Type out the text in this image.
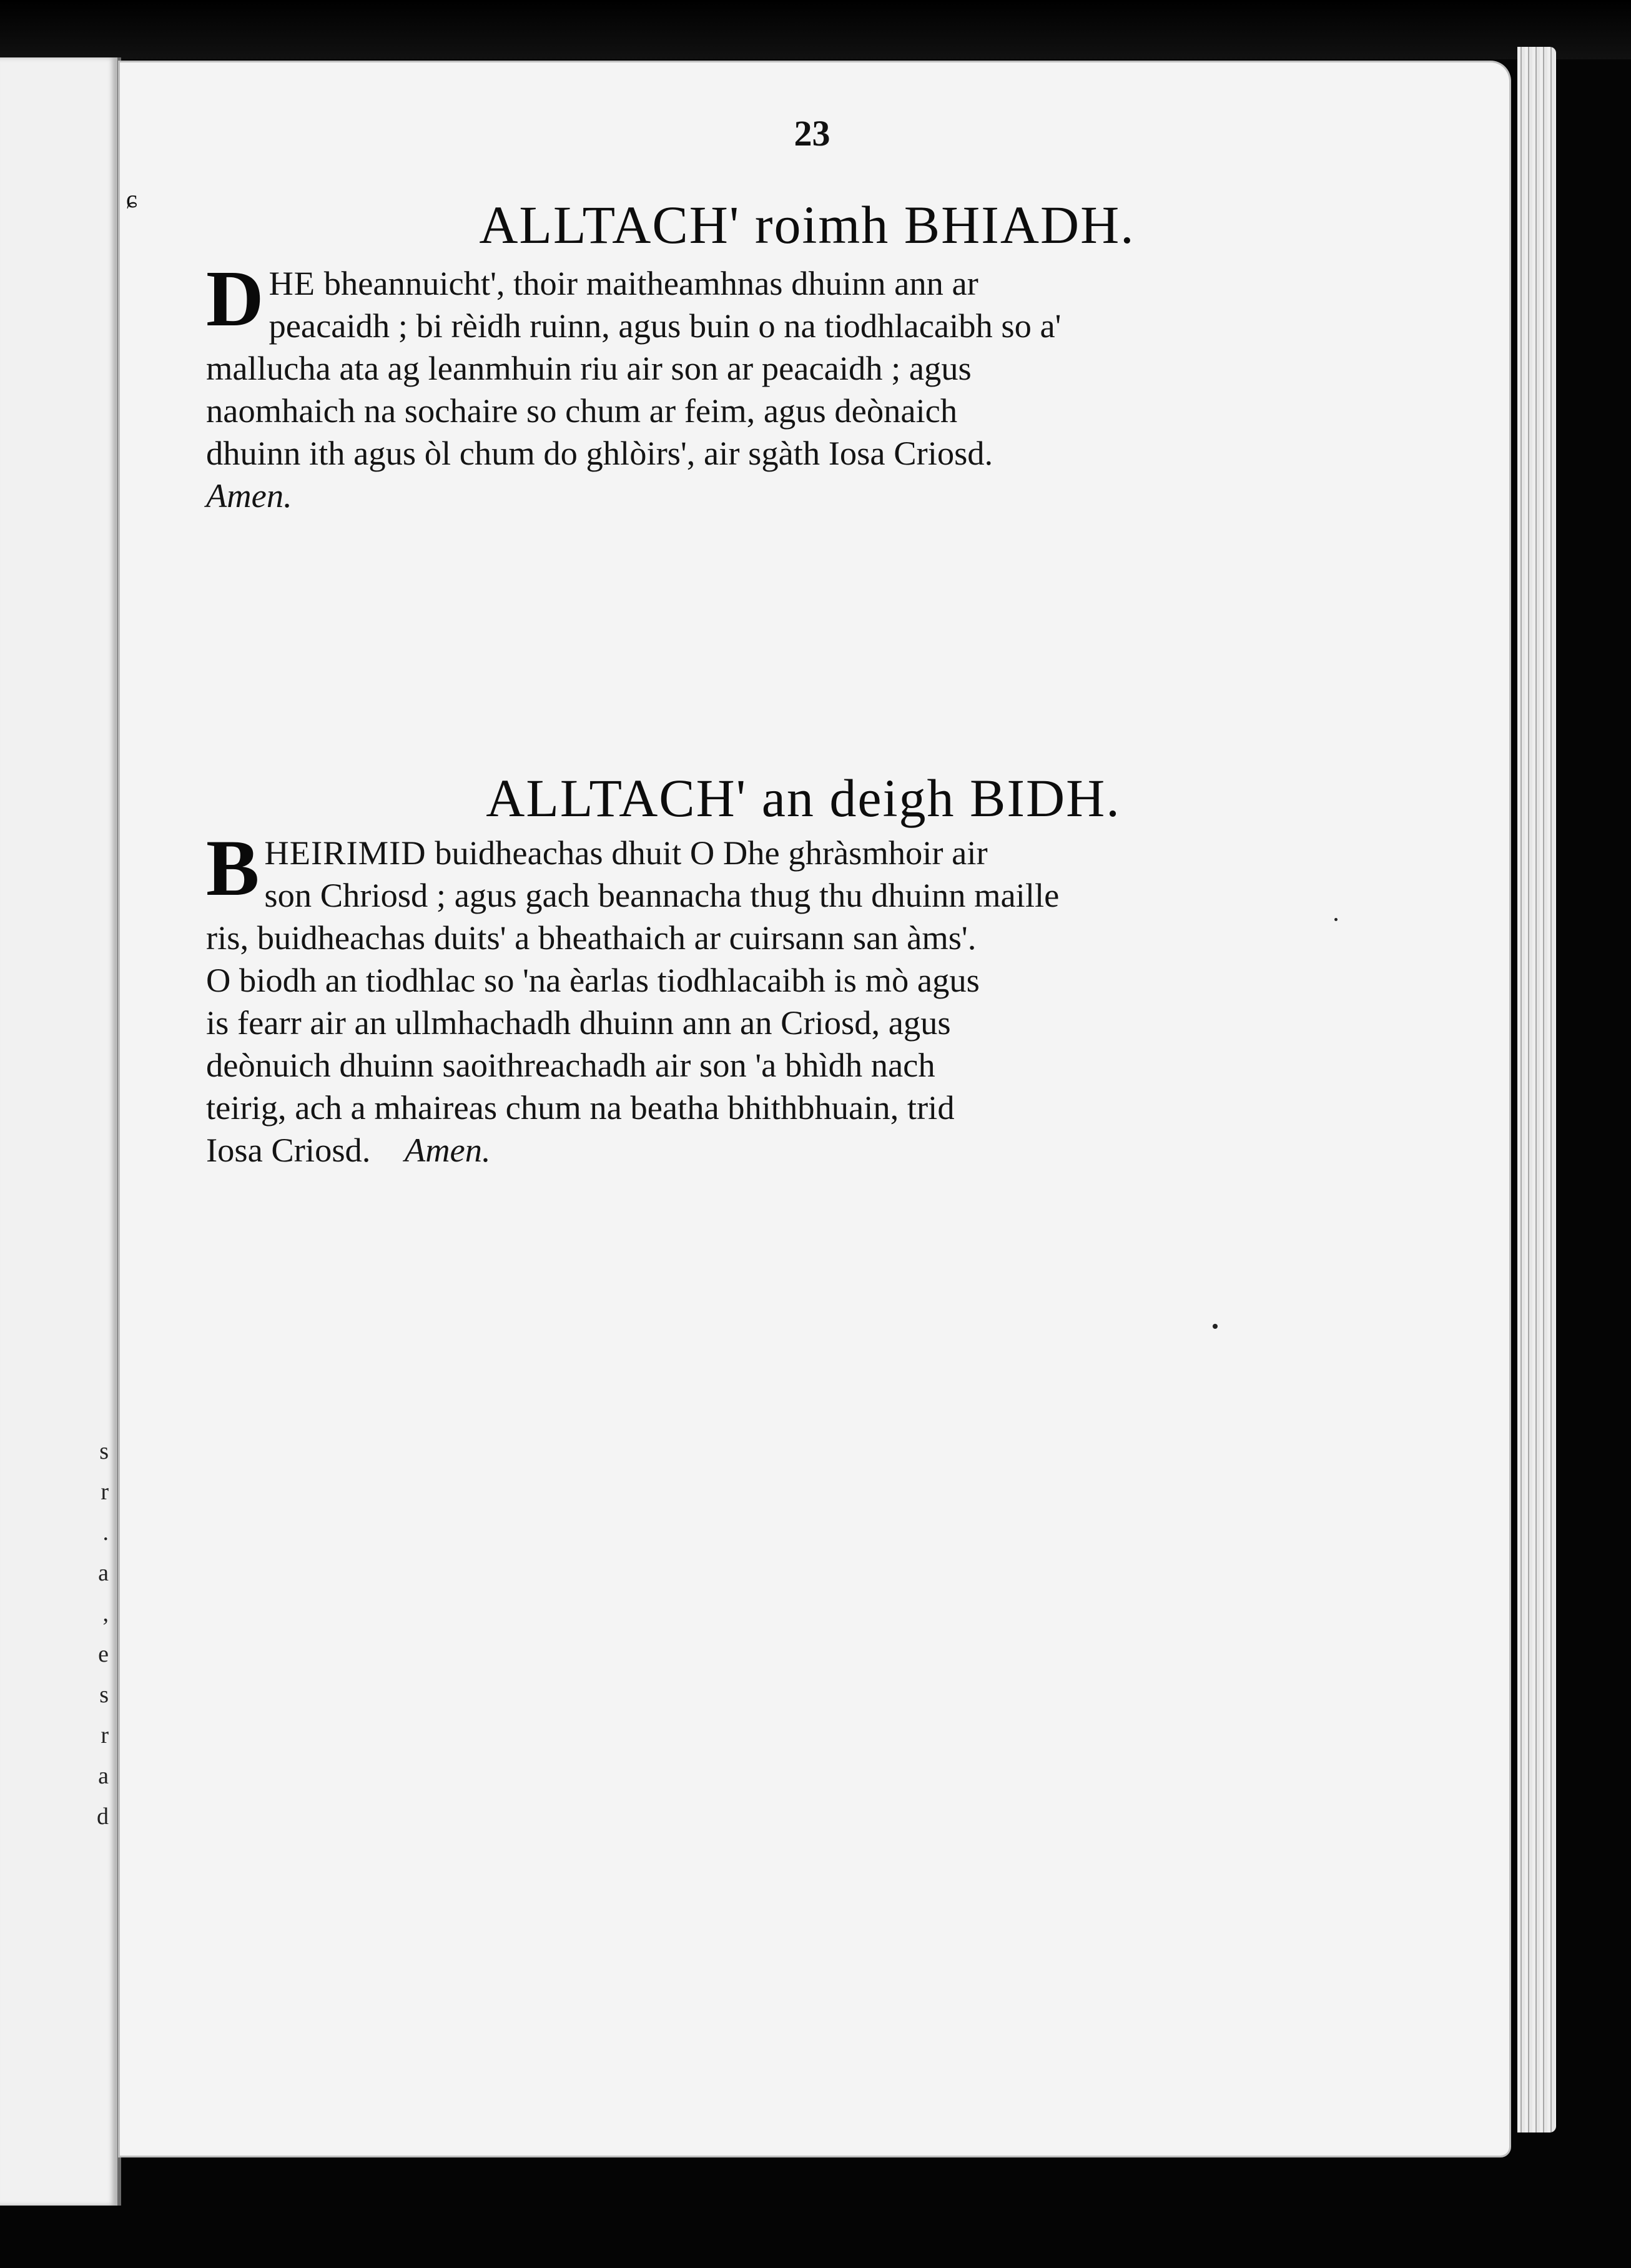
s
r
.
a
,
e
s
r
a
d
23
ɕ	ALLTACH' roimh BHIADH.
D HE bheannuicht', thoir maitheamhnas dhuinn ann ar
peacaidh ; bi rèidh ruinn, agus buin o na tiodhlacaibh so a'
mallucha ata ag leanmhuin riu air son ar peacaidh ; agus
naomhaich na sochaire so chum ar feim, agus deònaich
dhuinn ith agus òl chum do ghlòirs', air sgàth Iosa Criosd.
Amen.
ALLTACH' an deigh BIDH.
B HEIRIMID buidheachas dhuit O Dhe ghràsmhoir air
son Chriosd ; agus gach beannacha thug thu dhuinn maille
ris, buidheachas duits' a bheathaich ar cuirsann san àms'.
O biodh an tiodhlac so 'na èarlas tiodhlacaibh is mò agus
is fearr air an ullmhachadh dhuinn ann an Criosd, agus
deònuich dhuinn saoithreachadh air son 'a bhìdh nach
teirig, ach a mhaireas chum na beatha bhithbhuain, trid
Iosa Criosd. Amen.
